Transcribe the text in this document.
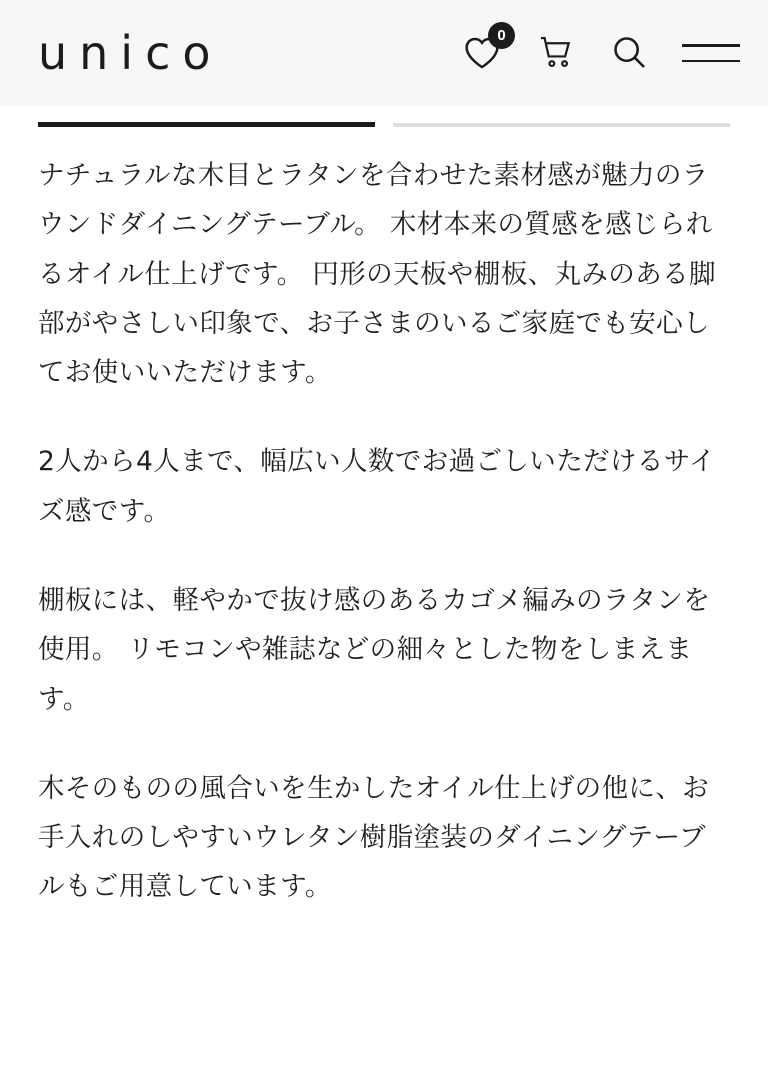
unico	0

ナチュラルな木目とラタンを合わせた素材感が魅力のラウンドダイニングテーブル。 木材本来の質感を感じられるオイル仕上げです。 円形の天板や棚板、丸みのある脚部がやさしい印象で、お子さまのいるご家庭でも安心してお使いいただけます。

2人から4人まで、幅広い人数でお過ごしいただけるサイズ感です。

棚板には、軽やかで抜け感のあるカゴメ編みのラタンを使用。 リモコンや雑誌などの細々とした物をしまえます。

木そのものの風合いを生かしたオイル仕上げの他に、お手入れのしやすいウレタン樹脂塗装のダイニングテーブルもご用意しています。
